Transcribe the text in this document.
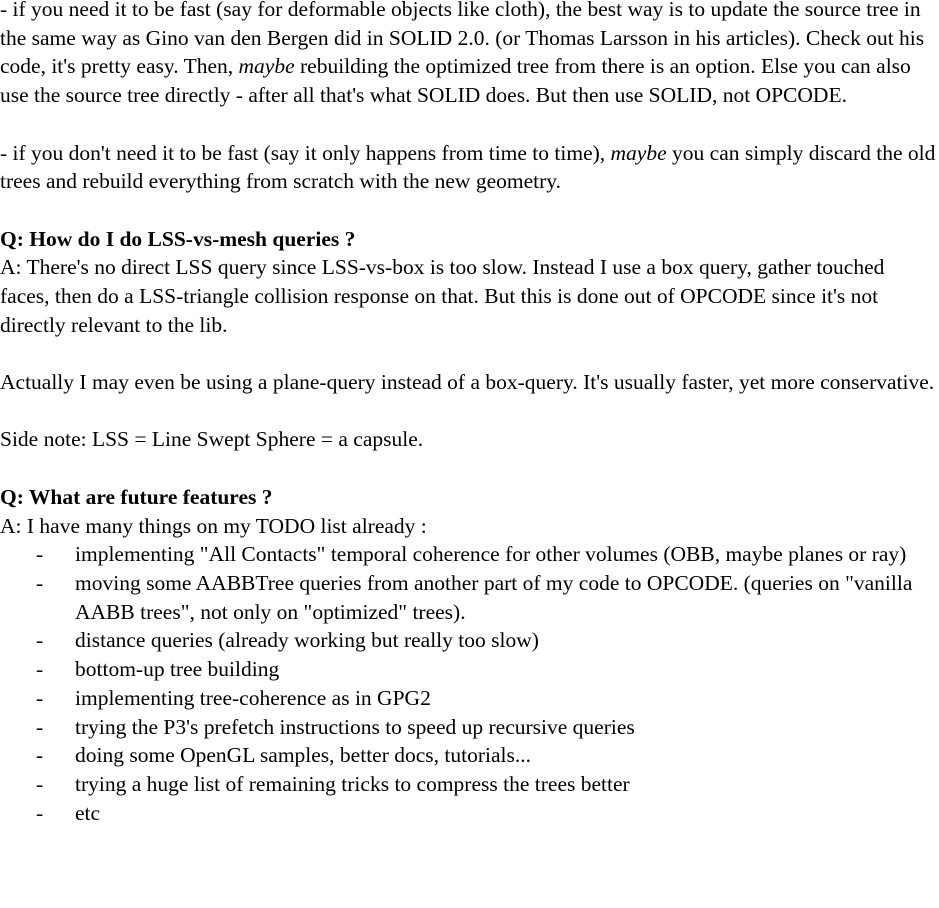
- if you need it to be fast (say for deformable objects like cloth), the best way is to update the source tree in the same way as Gino van den Bergen did in SOLID 2.0. (or Thomas Larsson in his articles). Check out his code, it's pretty easy. Then, maybe rebuilding the optimized tree from there is an option. Else you can also use the source tree directly - after all that's what SOLID does. But then use SOLID, not OPCODE.

- if you don't need it to be fast (say it only happens from time to time), maybe you can simply discard the old trees and rebuild everything from scratch with the new geometry.

Q: How do I do LSS-vs-mesh queries ?

A: There's no direct LSS query since LSS-vs-box is too slow. Instead I use a box query, gather touched faces, then do a LSS-triangle collision response on that. But this is done out of OPCODE since it's not directly relevant to the lib.

Actually I may even be using a plane-query instead of a box-query. It's usually faster, yet more conservative.

Side note: LSS = Line Swept Sphere = a capsule.

Q: What are future features ?

A: I have many things on my TODO list already :

- implementing "All Contacts" temporal coherence for other volumes (OBB, maybe planes or ray)
- moving some AABBTree queries from another part of my code to OPCODE. (queries on "vanilla AABB trees", not only on "optimized" trees).
- distance queries (already working but really too slow)
- bottom-up tree building
- implementing tree-coherence as in GPG2
- trying the P3's prefetch instructions to speed up recursive queries
- doing some OpenGL samples, better docs, tutorials...
- trying a huge list of remaining tricks to compress the trees better
- etc
